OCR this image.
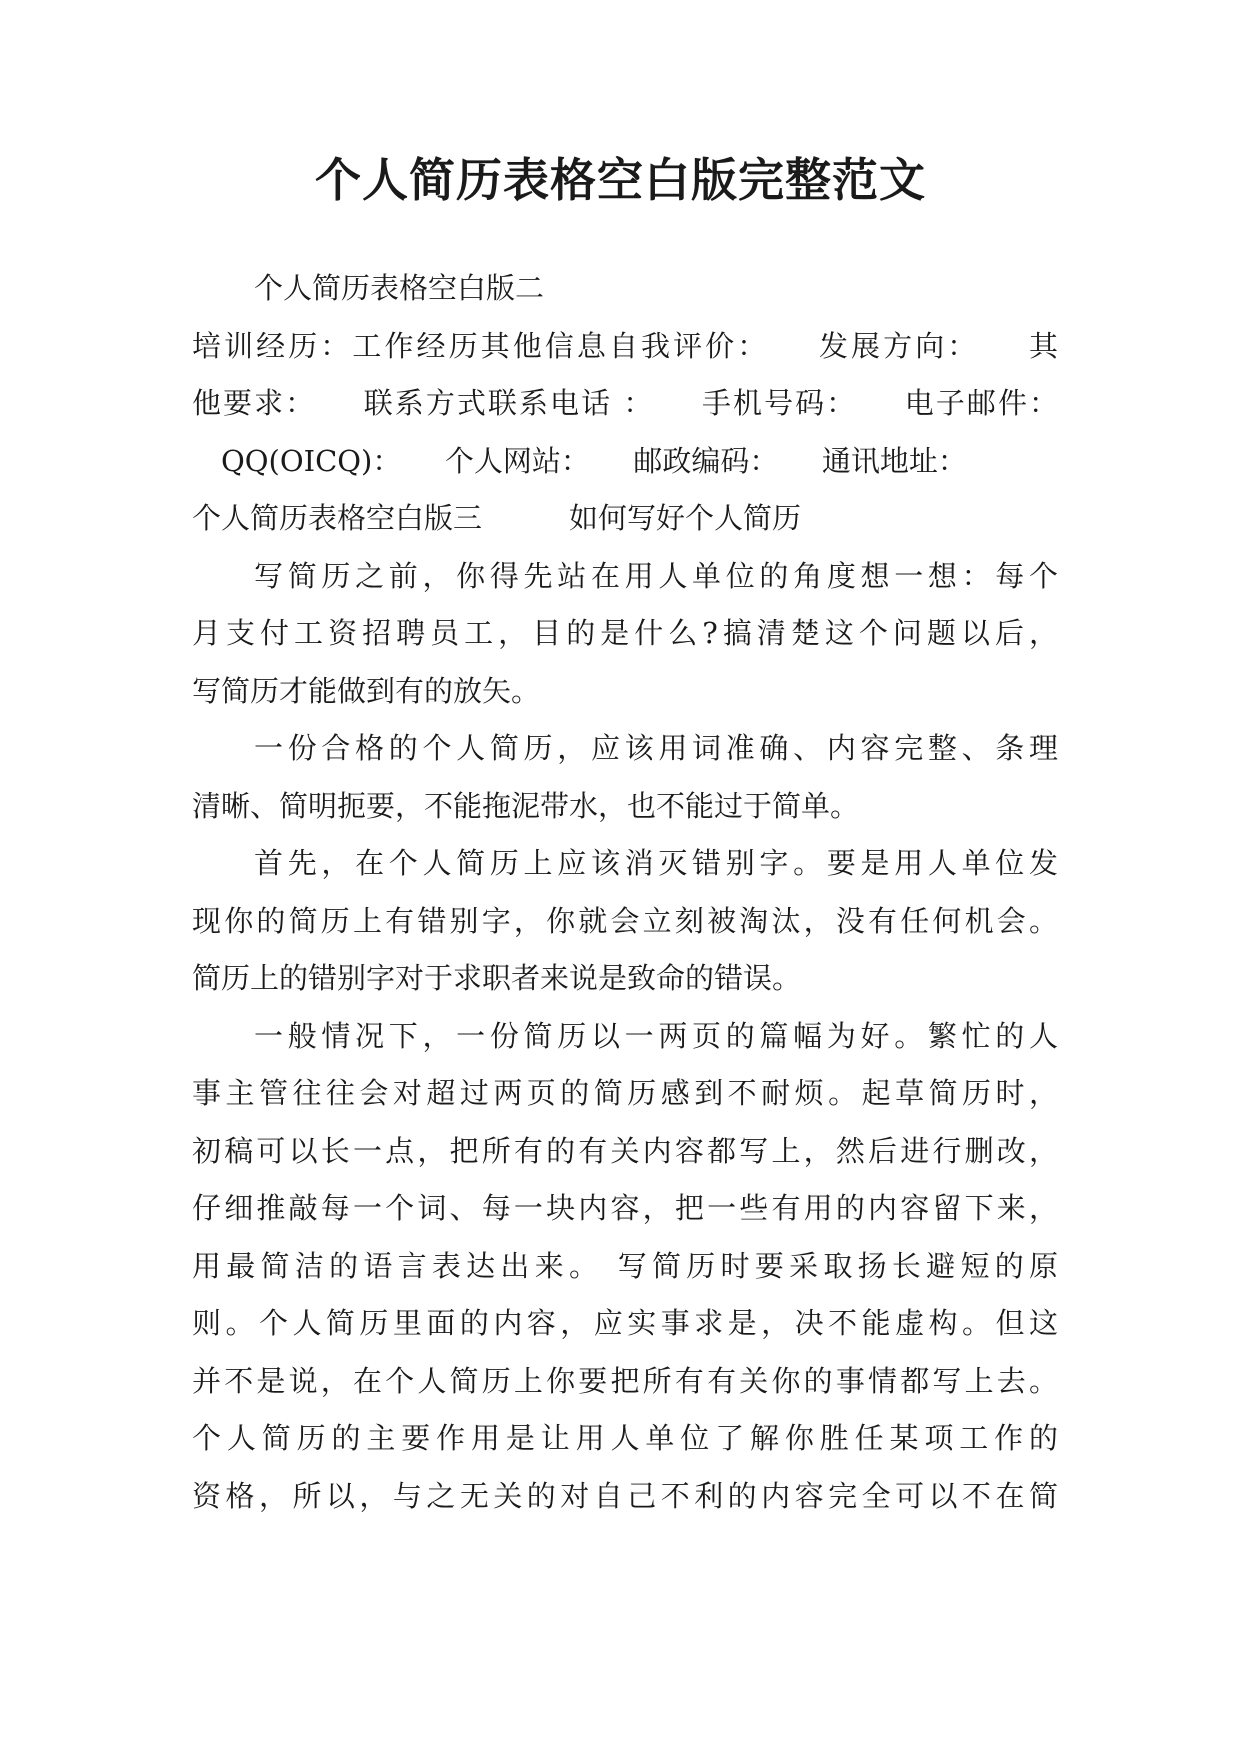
个人简历表格空白版完整范文
个人简历表格空白版二
培训经历：工作经历其他信息自我评价：　　发展方向：　　其
他要求：　　联系方式联系电话 ：　　手机号码：　　电子邮件：
　QQ(OICQ)：　　个人网站：　　邮政编码：　　通讯地址：
个人简历表格空白版三　　　如何写好个人简历
写简历之前，你得先站在用人单位的角度想一想：每个
月支付工资招聘员工，目的是什么?搞清楚这个问题以后，
写简历才能做到有的放矢。
一份合格的个人简历，应该用词准确、内容完整、条理
清晰、简明扼要，不能拖泥带水，也不能过于简单。
首先，在个人简历上应该消灭错别字。要是用人单位发
现你的简历上有错别字，你就会立刻被淘汰，没有任何机会。
简历上的错别字对于求职者来说是致命的错误。
一般情况下，一份简历以一两页的篇幅为好。繁忙的人
事主管往往会对超过两页的简历感到不耐烦。起草简历时，
初稿可以长一点，把所有的有关内容都写上，然后进行删改，
仔细推敲每一个词、每一块内容，把一些有用的内容留下来，
用最简洁的语言表达出来。 写简历时要采取扬长避短的原
则。个人简历里面的内容，应实事求是，决不能虚构。但这
并不是说，在个人简历上你要把所有有关你的事情都写上去。
个人简历的主要作用是让用人单位了解你胜任某项工作的
资格，所以，与之无关的对自己不利的内容完全可以不在简
